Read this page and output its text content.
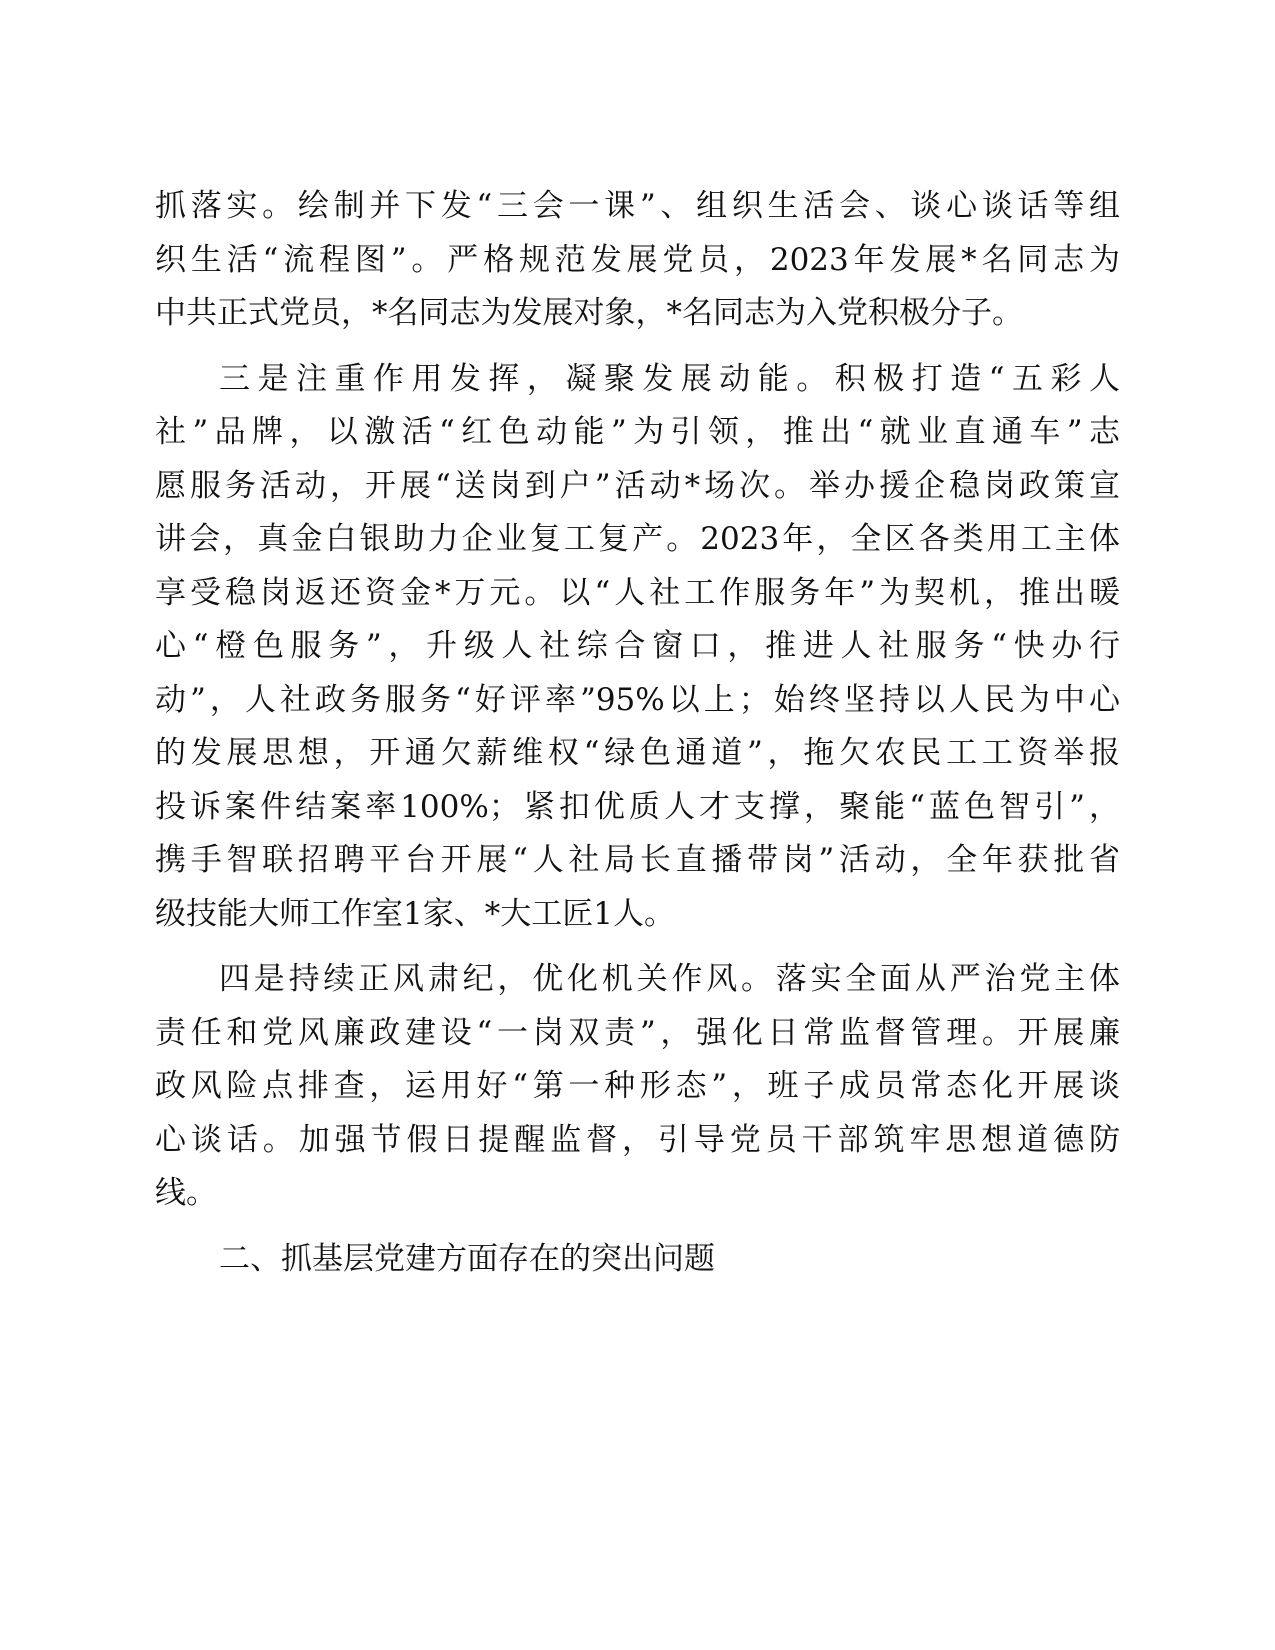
抓落实。绘制并下发“三会一课”、组织生活会、谈心谈话等组
织生活“流程图”。严格规范发展党员，2023年发展*名同志为
中共正式党员，*名同志为发展对象，*名同志为入党积极分子。
三是注重作用发挥，凝聚发展动能。积极打造“五彩人
社”品牌，以激活“红色动能”为引领，推出“就业直通车”志
愿服务活动，开展“送岗到户”活动*场次。举办援企稳岗政策宣
讲会，真金白银助力企业复工复产。2023年，全区各类用工主体
享受稳岗返还资金*万元。以“人社工作服务年”为契机，推出暖
心“橙色服务”，升级人社综合窗口，推进人社服务“快办行
动”，人社政务服务“好评率”95%以上；始终坚持以人民为中心
的发展思想，开通欠薪维权“绿色通道”，拖欠农民工工资举报
投诉案件结案率100%；紧扣优质人才支撑，聚能“蓝色智引”，
携手智联招聘平台开展“人社局长直播带岗”活动，全年获批省
级技能大师工作室1家、*大工匠1人。
四是持续正风肃纪，优化机关作风。落实全面从严治党主体
责任和党风廉政建设“一岗双责”，强化日常监督管理。开展廉
政风险点排查，运用好“第一种形态”，班子成员常态化开展谈
心谈话。加强节假日提醒监督，引导党员干部筑牢思想道德防
线。
二、抓基层党建方面存在的突出问题
